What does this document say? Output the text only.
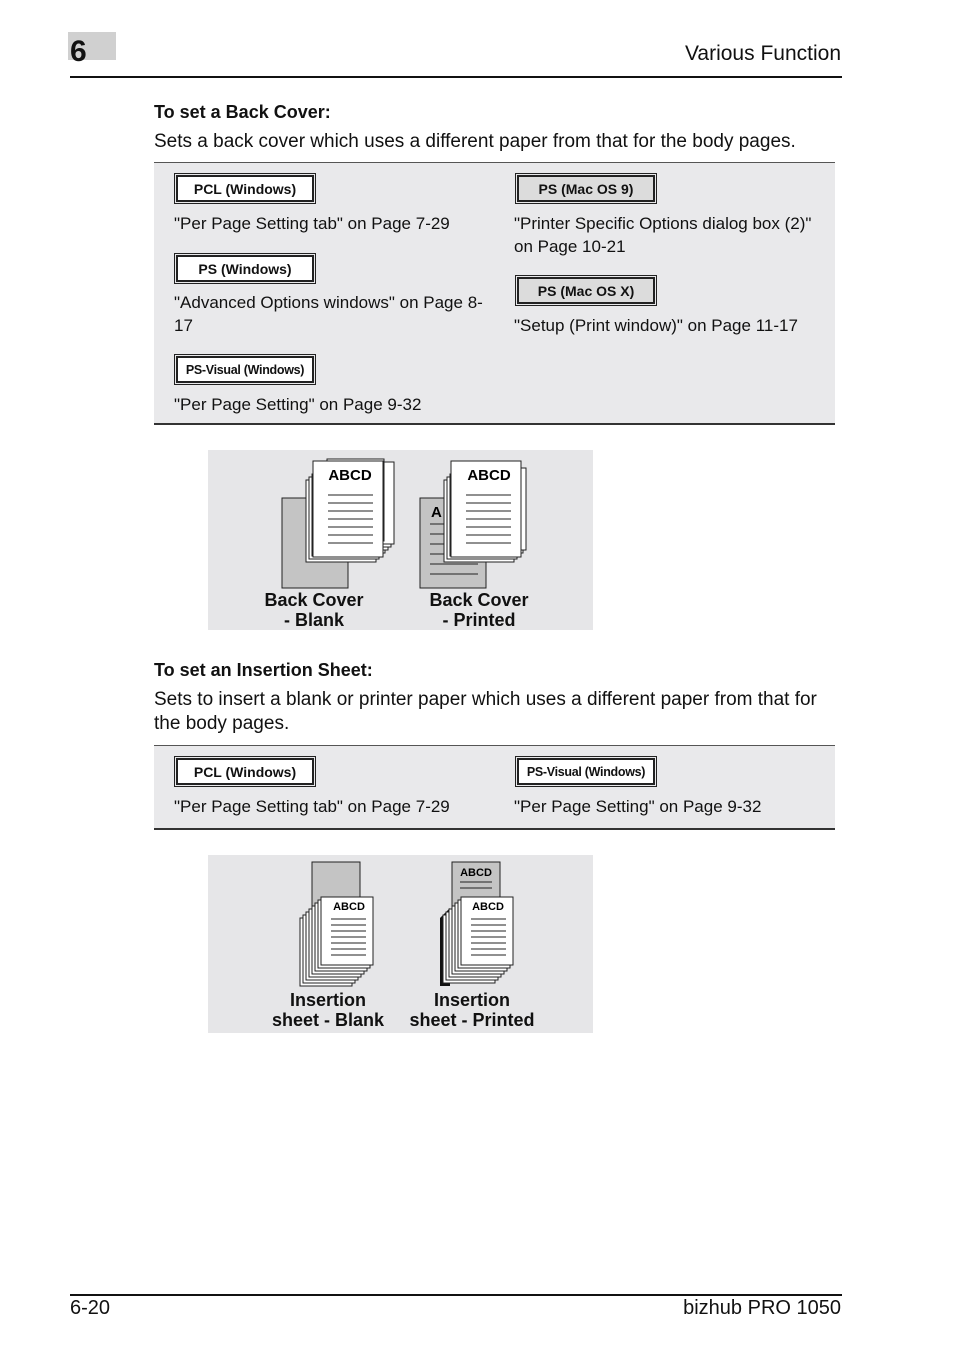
6	Various Function
To set a Back Cover:
Sets a back cover which uses a different paper from that for the body pages.
PCL (Windows)
"Per Page Setting tab" on Page 7-29
PS (Windows)
"Advanced Options windows" on Page 8-17
PS-Visual (Windows)
"Per Page Setting" on Page 9-32
PS (Mac OS 9)
"Printer Specific Options dialog box (2)" on Page 10-21
PS (Mac OS X)
"Setup (Print window)" on Page 11-17
ABCD
A
ABCD
Back Cover
- Blank
Back Cover
- Printed
To set an Insertion Sheet:
Sets to insert a blank or printer paper which uses a different paper from that for the body pages.
PCL (Windows)
"Per Page Setting tab" on Page 7-29
PS-Visual (Windows)
"Per Page Setting" on Page 9-32
ABCD
ABCD
ABCD
Insertion
sheet - Blank
Insertion
sheet - Printed
6-20	bizhub PRO 1050
